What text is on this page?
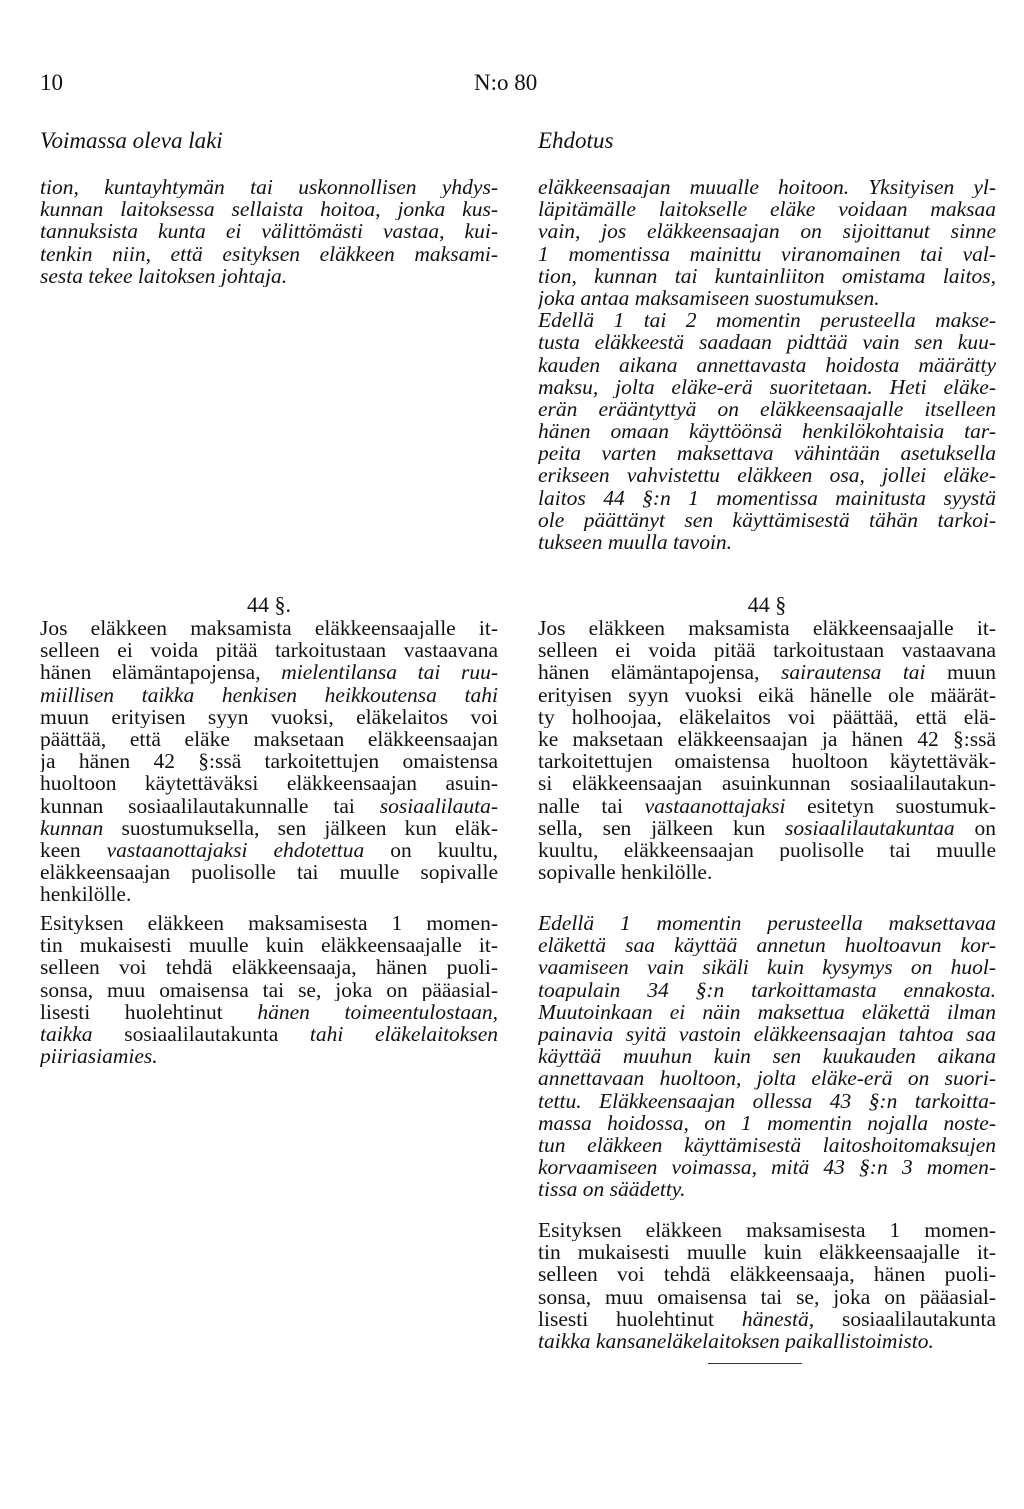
10	N:o 80
Voimassa oleva laki	Ehdotus
tion, kuntayhtymän tai uskonnollisen yhdys-
kunnan laitoksessa sellaista hoitoa, jonka kus-
tannuksista kunta ei välittömästi vastaa, kui-
tenkin niin, että esityksen eläkkeen maksami-
sesta tekee laitoksen johtaja.
44 §.
Jos eläkkeen maksamista eläkkeensaajalle it-
selleen ei voida pitää tarkoitustaan vastaavana
hänen elämäntapojensa, mielentilansa tai ruu-
miillisen taikka henkisen heikkoutensa tahi
muun erityisen syyn vuoksi, eläkelaitos voi
päättää, että eläke maksetaan eläkkeensaajan
ja hänen 42 §:ssä tarkoitettujen omaistensa
huoltoon käytettäväksi eläkkeensaajan asuin-
kunnan sosiaalilautakunnalle tai sosiaalilauta-
kunnan suostumuksella, sen jälkeen kun eläk-
keen vastaanottajaksi ehdotettua on kuultu,
eläkkeensaajan puolisolle tai muulle sopivalle
henkilölle.
Esityksen eläkkeen maksamisesta 1 momen-
tin mukaisesti muulle kuin eläkkeensaajalle it-
selleen voi tehdä eläkkeensaaja, hänen puoli-
sonsa, muu omaisensa tai se, joka on pääasial-
lisesti huolehtinut hänen toimeentulostaan,
taikka sosiaalilautakunta tahi eläkelaitoksen
piiriasiamies.
eläkkeensaajan muualle hoitoon. Yksityisen yl-
läpitämälle laitokselle eläke voidaan maksaa
vain, jos eläkkeensaajan on sijoittanut sinne
1 momentissa mainittu viranomainen tai val-
tion, kunnan tai kuntainliiton omistama laitos,
joka antaa maksamiseen suostumuksen.
Edellä 1 tai 2 momentin perusteella makse-
tusta eläkkeestä saadaan pidttää vain sen kuu-
kauden aikana annettavasta hoidosta määrätty
maksu, jolta eläke-erä suoritetaan. Heti eläke-
erän erääntyttyä on eläkkeensaajalle itselleen
hänen omaan käyttöönsä henkilökohtaisia tar-
peita varten maksettava vähintään asetuksella
erikseen vahvistettu eläkkeen osa, jollei eläke-
laitos 44 §:n 1 momentissa mainitusta syystä
ole päättänyt sen käyttämisestä tähän tarkoi-
tukseen muulla tavoin.
44 §
Jos eläkkeen maksamista eläkkeensaajalle it-
selleen ei voida pitää tarkoitustaan vastaavana
hänen elämäntapojensa, sairautensa tai muun
erityisen syyn vuoksi eikä hänelle ole määrät-
ty holhoojaa, eläkelaitos voi päättää, että elä-
ke maksetaan eläkkeensaajan ja hänen 42 §:ssä
tarkoitettujen omaistensa huoltoon käytettäväk-
si eläkkeensaajan asuinkunnan sosiaalilautakun-
nalle tai vastaanottajaksi esitetyn suostumuk-
sella, sen jälkeen kun sosiaalilautakuntaa on
kuultu, eläkkeensaajan puolisolle tai muulle
sopivalle henkilölle.
Edellä 1 momentin perusteella maksettavaa
eläkettä saa käyttää annetun huoltoavun kor-
vaamiseen vain sikäli kuin kysymys on huol-
toapulain 34 §:n tarkoittamasta ennakosta.
Muutoinkaan ei näin maksettua eläkettä ilman
painavia syitä vastoin eläkkeensaajan tahtoa saa
käyttää muuhun kuin sen kuukauden aikana
annettavaan huoltoon, jolta eläke-erä on suori-
tettu. Eläkkeensaajan ollessa 43 §:n tarkoitta-
massa hoidossa, on 1 momentin nojalla noste-
tun eläkkeen käyttämisestä laitoshoitomaksujen
korvaamiseen voimassa, mitä 43 §:n 3 momen-
tissa on säädetty.
Esityksen eläkkeen maksamisesta 1 momen-
tin mukaisesti muulle kuin eläkkeensaajalle it-
selleen voi tehdä eläkkeensaaja, hänen puoli-
sonsa, muu omaisensa tai se, joka on pääasial-
lisesti huolehtinut hänestä, sosiaalilautakunta
taikka kansaneläkelaitoksen paikallistoimisto.
